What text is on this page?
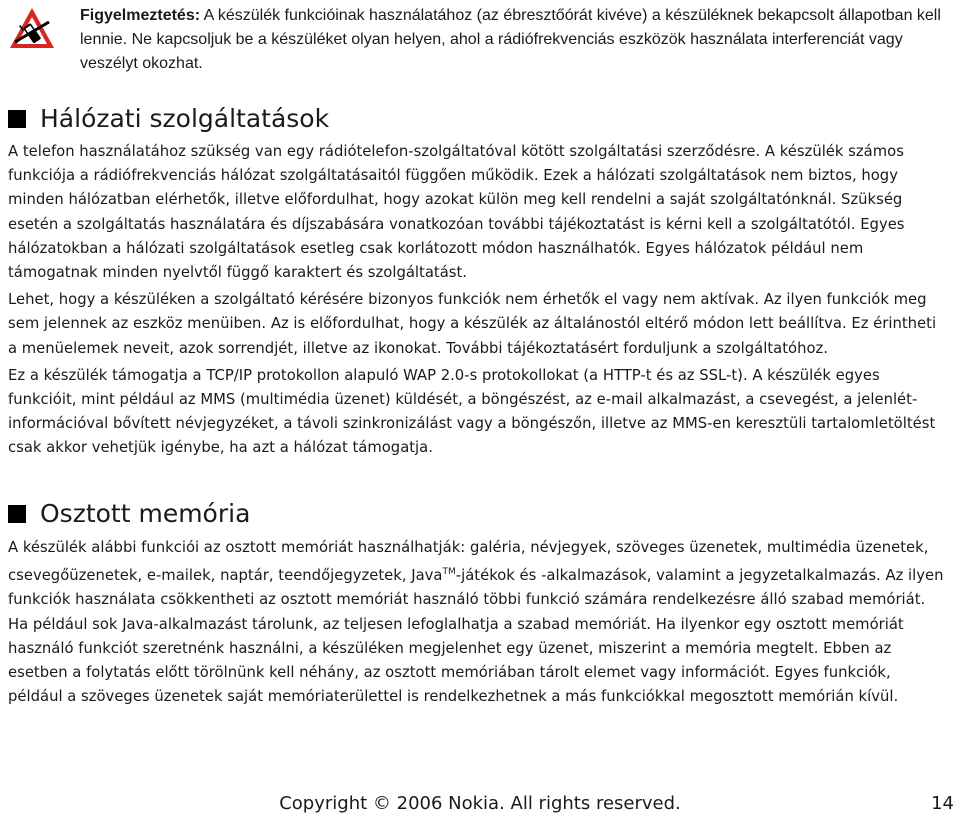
Figyelmeztetés: A készülék funkcióinak használatához (az ébresztőórát kivéve) a készüléknek bekapcsolt állapotban kell lennie. Ne kapcsoljuk be a készüléket olyan helyen, ahol a rádiófrekvenciás eszközök használata interferenciát vagy veszélyt okozhat.
Hálózati szolgáltatások

A telefon használatához szükség van egy rádiótelefon-szolgáltatóval kötött szolgáltatási szerződésre. A készülék számos funkciója a rádiófrekvenciás hálózat szolgáltatásaitól függően működik. Ezek a hálózati szolgáltatások nem biztos, hogy minden hálózatban elérhetők, illetve előfordulhat, hogy azokat külön meg kell rendelni a saját szolgáltatónknál. Szükség esetén a szolgáltatás használatára és díjszabására vonatkozóan további tájékoztatást is kérni kell a szolgáltatótól. Egyes hálózatokban a hálózati szolgáltatások esetleg csak korlátozott módon használhatók. Egyes hálózatok például nem támogatnak minden nyelvtől függő karaktert és szolgáltatást.

Lehet, hogy a készüléken a szolgáltató kérésére bizonyos funkciók nem érhetők el vagy nem aktívak. Az ilyen funkciók meg sem jelennek az eszköz menüiben. Az is előfordulhat, hogy a készülék az általánostól eltérő módon lett beállítva. Ez érintheti a menüelemek neveit, azok sorrendjét, illetve az ikonokat. További tájékoztatásért forduljunk a szolgáltatóhoz.

Ez a készülék támogatja a TCP/IP protokollon alapuló WAP 2.0-s protokollokat (a HTTP-t és az SSL-t). A készülék egyes funkcióit, mint például az MMS (multimédia üzenet) küldését, a böngészést, az e-mail alkalmazást, a csevegést, a jelenlét-információval bővített névjegyzéket, a távoli szinkronizálást vagy a böngészőn, illetve az MMS-en keresztüli tartalomletöltést csak akkor vehetjük igénybe, ha azt a hálózat támogatja.

Osztott memória

A készülék alábbi funkciói az osztott memóriát használhatják: galéria, névjegyek, szöveges üzenetek, multimédia üzenetek, csevegőüzenetek, e-mailek, naptár, teendőjegyzetek, Java™-játékok és -alkalmazások, valamint a jegyzetalkalmazás. Az ilyen funkciók használata csökkentheti az osztott memóriát használó többi funkció számára rendelkezésre álló szabad memóriát. Ha például sok Java-alkalmazást tárolunk, az teljesen lefoglalhatja a szabad memóriát. Ha ilyenkor egy osztott memóriát használó funkciót szeretnénk használni, a készüléken megjelenhet egy üzenet, miszerint a memória megtelt. Ebben az esetben a folytatás előtt törölnünk kell néhány, az osztott memóriában tárolt elemet vagy információt. Egyes funkciók, például a szöveges üzenetek saját memóriaterülettel is rendelkezhetnek a más funkciókkal megosztott memórián kívül.

Copyright © 2006 Nokia. All rights reserved.	14
